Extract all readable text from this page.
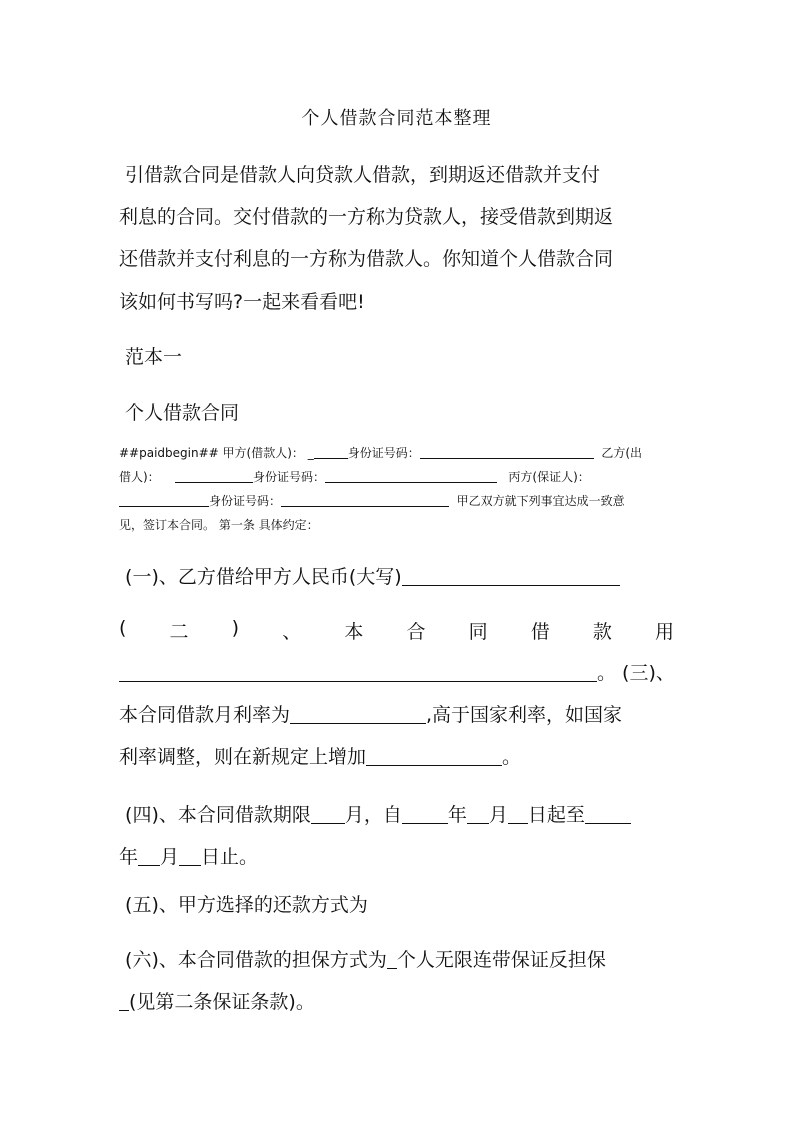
个人借款合同范本整理
引借款合同是借款人向贷款人借款，到期返还借款并支付
利息的合同。交付借款的一方称为贷款人，接受借款到期返
还借款并支付利息的一方称为借款人。你知道个人借款合同
该如何书写吗?一起来看看吧!
范本一
个人借款合同
##paidbegin## 甲方(借款人)： _	身份证号码：	乙方(出
借人)：	身份证号码：	丙方(保证人)：
身份证号码：	甲乙双方就下列事宜达成一致意
见，签订本合同。 第一条 具体约定：
(一)、乙方借给甲方人民币(大写)
( 二 ) 、 本 合 同 借 款 用
。 (三)、
本合同借款月利率为	,高于国家利率，如国家
利率调整，则在新规定上增加	。
(四)、本合同借款期限 月，自 年 月 日起至
年 月 日止。
(五)、甲方选择的还款方式为
(六)、本合同借款的担保方式为 个人无限连带保证反担保
(见第二条保证条款)。
